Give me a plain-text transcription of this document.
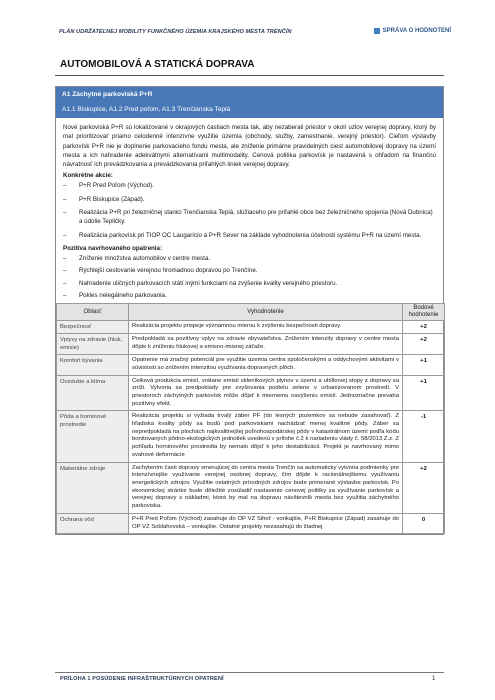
PLÁN UDRŽATEĽNEJ MOBILITY FUNKČNÉHO ÚZEMIA KRAJSKÉHO MESTA TRENČÍN	SPRÁVA O HODNOTENÍ
AUTOMOBILOVÁ A STATICKÁ DOPRAVA
A1 Záchytné parkoviská P+R
A1.1 Biskupice, A1.2 Pred poľom, A1.3 Trenčianska Teplá
Nové parkoviská P+R sú lokalizované v okrajových častiach mesta tak, aby nezaberali priestor v okolí uzlov verejnej dopravy, ktorý by mal prioritizovať priamo celodenné intenzívne využitie územia (obchody, služby, zamestnanie, verejný priestor). Cieľom výstavby parkovísk P+R nie je doplnenie parkovacieho fondu mesta, ale zníženie primárne pravidelných ciest automobilovej dopravy na území mesta a ich nahradenie adekvátnymi alternatívami multimodality. Cenová politika parkovísk je nastavená s ohľadom na finančnú návratnosť ich prevádzkovania a prevádzkovania priľahlých liniek verejnej dopravy.
Konkrétne akcie:
– P+R Pred Poľom (Východ).
– P+R Biskupice (Západ).
– Realizácia P+R pri železničnej stanici Trenčianska Teplá, slúžiaceho pre priľahlé obce bez železničného spojenia (Nová Dubnica) a údolie Tepličky.
– Realizácia parkovísk pri TIOP OC Laugarício a P+R Sever na základe vyhodnotenia účelnosti systému P+R na území mesta.
Pozitíva navrhovaného opatrenia:
– Zníženie množstva automobilov v centre mesta.
– Rýchlejší cestovanie verejnou hromadnou dopravou po Trenčíne.
– Nahradenie uličných parkovacích státí inými funkciami na zvýšenie kvality verejného priestoru.
– Pokles nelegálneho parkovania.
Oblasť	Vyhodnotenie	Bodové hodnotenie
Bezpečnosť	Realizácia projektu prispeje významnou mierou k zvýšeniu bezpečnosti dopravy.	+2
Vplyvy na zdravie (hluk, emisie)	Predpokladá sa pozitívny vplyv na zdravie obyvateľstva. Znížením intenzity dopravy v centre mesta dôjde k zníženiu hlukovej a emisno-imisnej záťaže.	+2
Komfort bývania	Opatrenie má značný potenciál pre využitie územia centra spoločenskými a oddychovými aktivitami v súvislosti so znížením intenzitou využívania dopravných plôch.	+1
Ovzdušie a klíma	Celková produkcia emisií, vrátane emisií skleníkových plynov v území a uhlíkovej stopy z dopravy sa zníži. Vytvoria sa predpoklady pre zvyšovania podielu zelene v urbanizovanom prostredí. V priestoroch záchytných parkovísk môže dôjsť k miernemu navýšeniu emisií. Jednoznačne prevaha pozitívny efekt.	+1
Pôda a horninové prostredie	Realizácia projektu si vyžiada trvalý záber PF (do lesných pozemkov sa nebude zasahovať). Z hľadiska kvality pôdy sa budú pod parkoviskami nachádzať menej kvalitné pôdy. Záber sa nepredpokladá na plochách najkvalitnejšej poľnohospodárskej pôdy v katastrálnom území podľa kódu bonitovaných pôdno-ekologických jednotiek uvedenú v prílohe č.2 k nariadeniu vlády č. 58/2013 Z.z. Z pohľadu horninového prostredia by nemalo dôjsť k jeho destabilizácii. Projekt je navrhovaný mimo svahové deformácie	-1
Materiálne zdroje	Zachytením časti dopravy smerujúcej do centra mesta Trenčín sa automaticky vytvoria podmienky pre intenzívnejšie využívanie verejnej osobnej dopravy, čím dôjde k racionálnejšiemu využívaniu energetických zdrojov. Využitie ostatných prírodných zdrojov bude primerané výstavbe parkovísk. Po ekonomickej stránke bude dôležité zosúladiť nastavenie cenovej politiky za využívanie parkovísk a verejnej dopravy s nákladmi, ktoré by mal na dopravu návštevník mesta bez využitia záchytného parkoviska.	+2
Ochrana vôd	P+R Pred Poľom (Východ) zasahuje do OP VZ Sihoť - vonkajšie, P+R Biskupice (Západ) zasahuje do OP VZ Soblahovská – vonkajšie. Ostatné projekty nezasahujú do žiadnej	0
PRÍLOHA 1 POSÚDENIE INFRAŠTRUKTÚRNYCH OPATRENÍ	1
